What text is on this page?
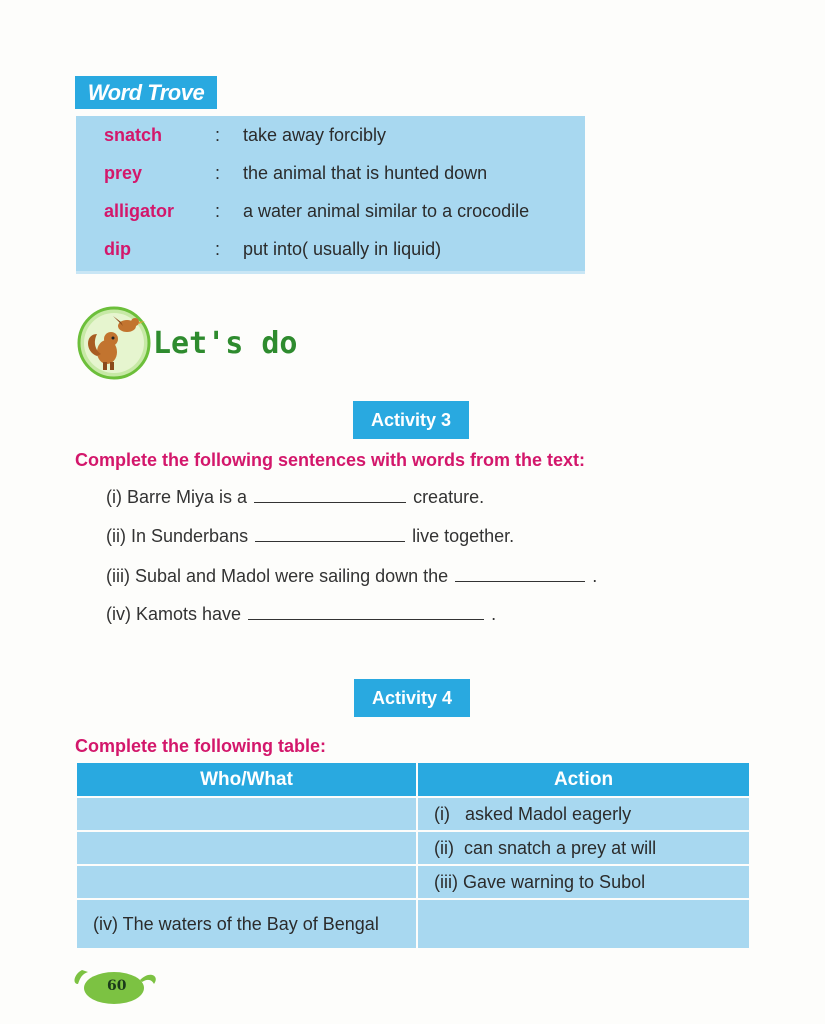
Word Trove
snatch	: take away forcibly
prey	: the animal that is hunted down
alligator : a water animal similar to a crocodile
dip	: put into( usually in liquid)
Let's do
Activity 3
Complete the following sentences with words from the text:
(i) Barre Miya is a	creature.
(ii) In Sunderbans	live together.
(iii) Subal and Madol were sailing down the	.
(iv) Kamots have	.
Activity 4
Complete the following table:
Who/What	Action
	(i)   asked Madol eagerly
	(ii)  can snatch a prey at will
	(iii) Gave warning to Subol
(iv) The waters of the Bay of Bengal	
60
